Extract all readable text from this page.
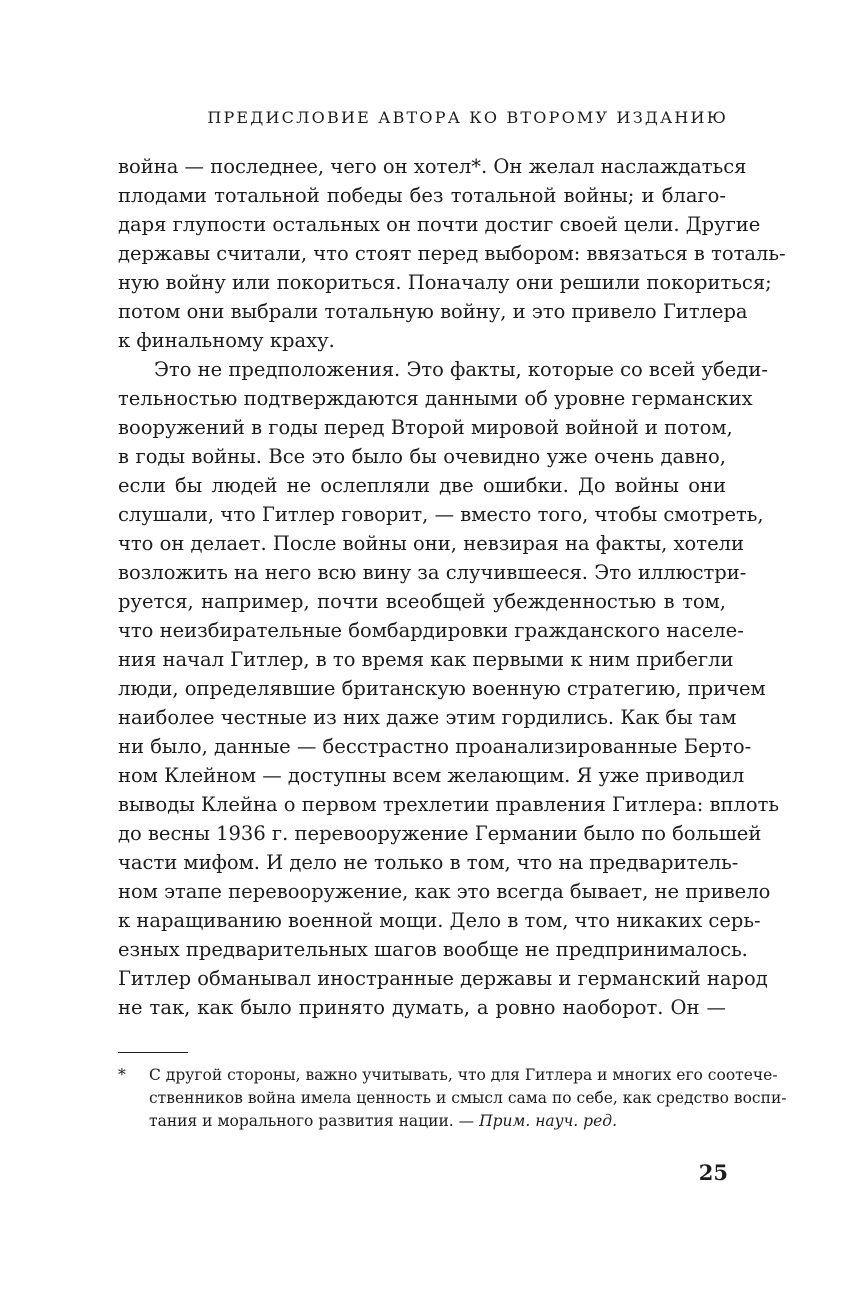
ПРЕДИСЛОВИЕ АВТОРА КО ВТОРОМУ ИЗДАНИЮ
война — последнее, чего он хотел*. Он желал наслаждаться
плодами тотальной победы без тотальной войны; и благо-
даря глупости остальных он почти достиг своей цели. Другие
державы считали, что стоят перед выбором: ввязаться в тоталь-
ную войну или покориться. Поначалу они решили покориться;
потом они выбрали тотальную войну, и это привело Гитлера
к финальному краху.
Это не предположения. Это факты, которые со всей убеди-
тельностью подтверждаются данными об уровне германских
вооружений в годы перед Второй мировой войной и потом,
в годы войны. Все это было бы очевидно уже очень давно,
если бы людей не ослепляли две ошибки. До войны они
слушали, что Гитлер говорит, — вместо того, чтобы смотреть,
что он делает. После войны они, невзирая на факты, хотели
возложить на него всю вину за случившееся. Это иллюстри-
руется, например, почти всеобщей убежденностью в том,
что неизбирательные бомбардировки гражданского населе-
ния начал Гитлер, в то время как первыми к ним прибегли
люди, определявшие британскую военную стратегию, причем
наиболее честные из них даже этим гордились. Как бы там
ни было, данные — бесстрастно проанализированные Берто-
ном Клейном — доступны всем желающим. Я уже приводил
выводы Клейна о первом трехлетии правления Гитлера: вплоть
до весны 1936 г. перевооружение Германии было по большей
части мифом. И дело не только в том, что на предваритель-
ном этапе перевооружение, как это всегда бывает, не привело
к наращиванию военной мощи. Дело в том, что никаких серь-
езных предварительных шагов вообще не предпринималось.
Гитлер обманывал иностранные державы и германский народ
не так, как было принято думать, а ровно наоборот. Он —
* С другой стороны, важно учитывать, что для Гитлера и многих его соотече-
ственников война имела ценность и смысл сама по себе, как средство воспи-
тания и морального развития нации. — Прим. науч. ред.
25
